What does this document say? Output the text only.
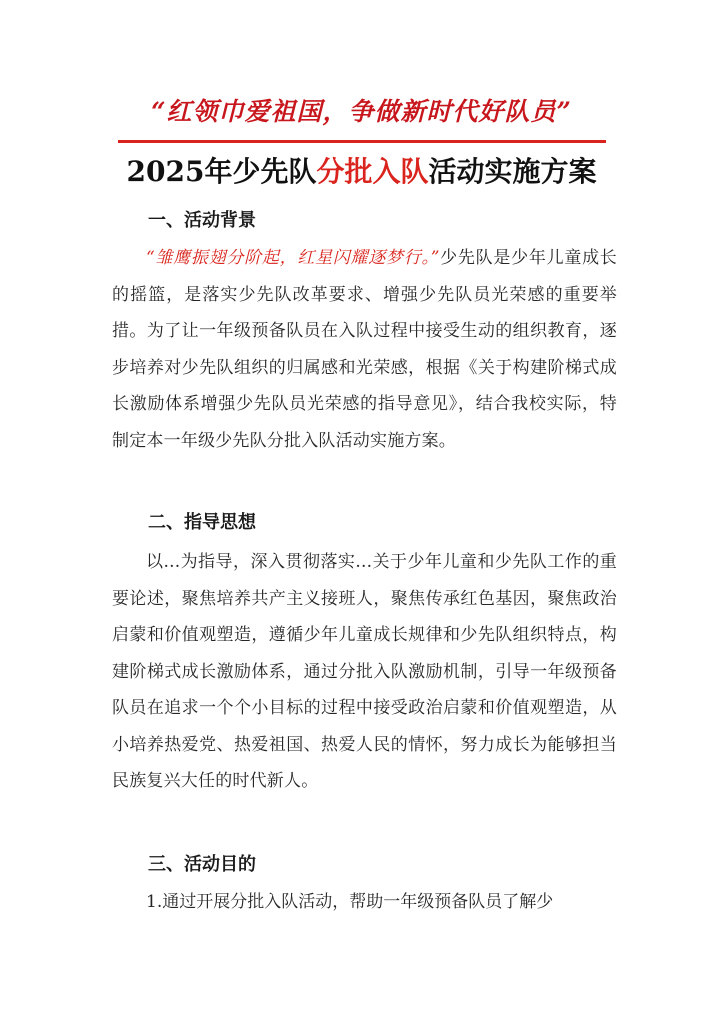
“红领巾爱祖国，争做新时代好队员”
2025年少先队分批入队活动实施方案
一、活动背景
“雏鹰振翅分阶起，红星闪耀逐梦行。”少先队是少年儿童成长的摇篮，是落实少先队改革要求、增强少先队员光荣感的重要举措。为了让一年级预备队员在入队过程中接受生动的组织教育，逐步培养对少先队组织的归属感和光荣感，根据《关于构建阶梯式成长激励体系增强少先队员光荣感的指导意见》，结合我校实际，特制定本一年级少先队分批入队活动实施方案。
二、指导思想
以...为指导，深入贯彻落实...关于少年儿童和少先队工作的重要论述，聚焦培养共产主义接班人，聚焦传承红色基因，聚焦政治启蒙和价值观塑造，遵循少年儿童成长规律和少先队组织特点，构建阶梯式成长激励体系，通过分批入队激励机制，引导一年级预备队员在追求一个个小目标的过程中接受政治启蒙和价值观塑造，从小培养热爱党、热爱祖国、热爱人民的情怀，努力成长为能够担当民族复兴大任的时代新人。
三、活动目的
1.通过开展分批入队活动，帮助一年级预备队员了解少
